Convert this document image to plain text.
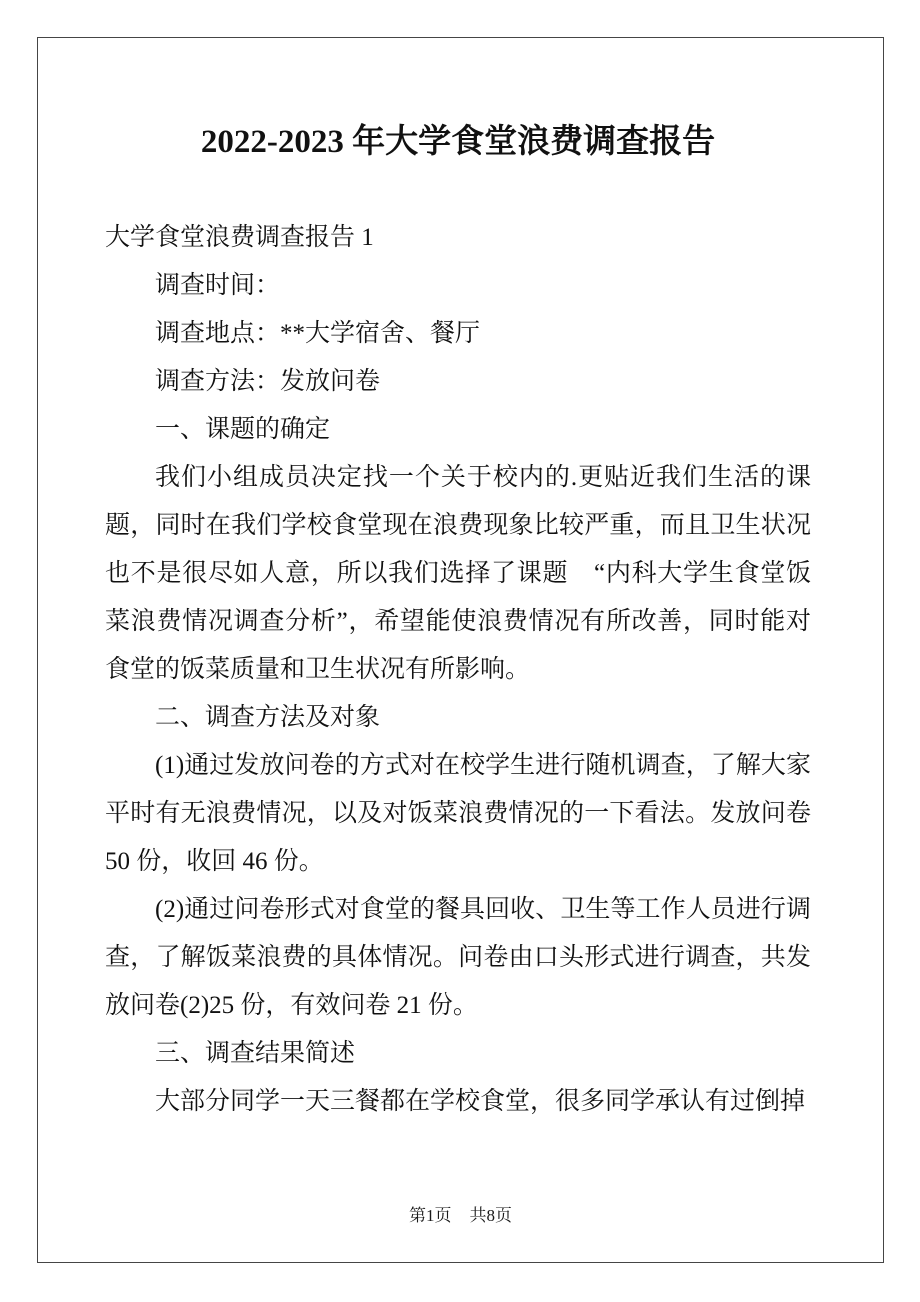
2022-2023 年大学食堂浪费调查报告

大学食堂浪费调查报告 1

调查时间：

调查地点：**大学宿舍、餐厅

调查方法：发放问卷

一、课题的确定

我们小组成员决定找一个关于校内的.更贴近我们生活的课题，同时在我们学校食堂现在浪费现象比较严重，而且卫生状况也不是很尽如人意，所以我们选择了课题　“内科大学生食堂饭菜浪费情况调查分析”，希望能使浪费情况有所改善，同时能对食堂的饭菜质量和卫生状况有所影响。

二、调查方法及对象

(1)通过发放问卷的方式对在校学生进行随机调查，了解大家平时有无浪费情况，以及对饭菜浪费情况的一下看法。发放问卷 50 份，收回 46 份。

(2)通过问卷形式对食堂的餐具回收、卫生等工作人员进行调查，了解饭菜浪费的具体情况。问卷由口头形式进行调查，共发放问卷(2)25 份，有效问卷 21 份。

三、调查结果简述

大部分同学一天三餐都在学校食堂，很多同学承认有过倒掉

第1页 共8页
